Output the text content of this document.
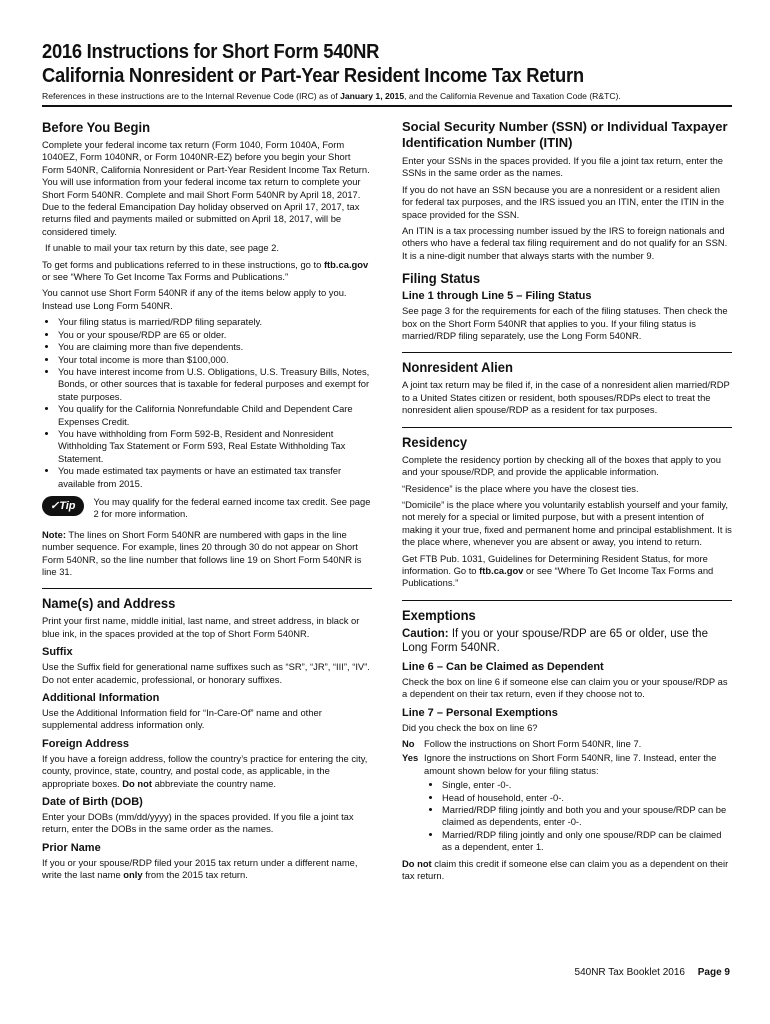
2016 Instructions for Short Form 540NR
California Nonresident or Part-Year Resident Income Tax Return
References in these instructions are to the Internal Revenue Code (IRC) as of January 1, 2015, and the California Revenue and Taxation Code (R&TC).
Before You Begin

Complete your federal income tax return (Form 1040, Form 1040A, Form 1040EZ, Form 1040NR, or Form 1040NR-EZ) before you begin your Short Form 540NR, California Nonresident or Part-Year Resident Income Tax Return. You will use information from your federal income tax return to complete your Short Form 540NR. Complete and mail Short Form 540NR by April 18, 2017. Due to the federal Emancipation Day holiday observed on April 17, 2017, tax returns filed and payments mailed or submitted on April 18, 2017, will be considered timely.

If unable to mail your tax return by this date, see page 2.

To get forms and publications referred to in these instructions, go to ftb.ca.gov or see “Where To Get Income Tax Forms and Publications.”

You cannot use Short Form 540NR if any of the items below apply to you. Instead use Long Form 540NR.

• Your filing status is married/RDP filing separately.
• You or your spouse/RDP are 65 or older.
• You are claiming more than five dependents.
• Your total income is more than $100,000.
• You have interest income from U.S. Obligations, U.S. Treasury Bills, Notes, Bonds, or other sources that is taxable for federal purposes and exempt for state purposes.
• You qualify for the California Nonrefundable Child and Dependent Care Expenses Credit.
• You have withholding from Form 592-B, Resident and Nonresident Withholding Tax Statement or Form 593, Real Estate Withholding Tax Statement.
• You made estimated tax payments or have an estimated tax transfer available from 2015.
✓Tip	You may qualify for the federal earned income tax credit. See page 2 for more information.

Note: The lines on Short Form 540NR are numbered with gaps in the line number sequence. For example, lines 20 through 30 do not appear on Short Form 540NR, so the line number that follows line 19 on Short Form 540NR is line 31.

Name(s) and Address

Print your first name, middle initial, last name, and street address, in black or blue ink, in the spaces provided at the top of Short Form 540NR.

Suffix

Use the Suffix field for generational name suffixes such as “SR”, “JR”, “III”, “IV”. Do not enter academic, professional, or honorary suffixes.

Additional Information

Use the Additional Information field for “In-Care-Of” name and other supplemental address information only.

Foreign Address

If you have a foreign address, follow the country’s practice for entering the city, county, province, state, country, and postal code, as applicable, in the appropriate boxes. Do not abbreviate the country name.

Date of Birth (DOB)

Enter your DOBs (mm/dd/yyyy) in the spaces provided. If you file a joint tax return, enter the DOBs in the same order as the names.

Prior Name

If you or your spouse/RDP filed your 2015 tax return under a different name, write the last name only from the 2015 tax return.

Social Security Number (SSN) or Individual Taxpayer Identification Number (ITIN)

Enter your SSNs in the spaces provided. If you file a joint tax return, enter the SSNs in the same order as the names.

If you do not have an SSN because you are a nonresident or a resident alien for federal tax purposes, and the IRS issued you an ITIN, enter the ITIN in the space provided for the SSN.

An ITIN is a tax processing number issued by the IRS to foreign nationals and others who have a federal tax filing requirement and do not qualify for an SSN. It is a nine-digit number that always starts with the number 9.

Filing Status
Line 1 through Line 5 – Filing Status

See page 3 for the requirements for each of the filing statuses. Then check the box on the Short Form 540NR that applies to you. If your filing status is married/RDP filing separately, use the Long Form 540NR.

Nonresident Alien

A joint tax return may be filed if, in the case of a nonresident alien married/RDP to a United States citizen or resident, both spouses/RDPs elect to treat the nonresident alien spouse/RDP as a resident for tax purposes.

Residency

Complete the residency portion by checking all of the boxes that apply to you and your spouse/RDP, and provide the applicable information.

“Residence” is the place where you have the closest ties.

“Domicile” is the place where you voluntarily establish yourself and your family, not merely for a special or limited purpose, but with a present intention of making it your true, fixed and permanent home and principal establishment. It is the place where, whenever you are absent or away, you intend to return.

Get FTB Pub. 1031, Guidelines for Determining Resident Status, for more information. Go to ftb.ca.gov or see “Where To Get Income Tax Forms and Publications.”

Exemptions

Caution: If you or your spouse/RDP are 65 or older, use the Long Form 540NR.

Line 6 – Can be Claimed as Dependent

Check the box on line 6 if someone else can claim you or your spouse/RDP as a dependent on their tax return, even if they choose not to.

Line 7 – Personal Exemptions

Did you check the box on line 6?

No	Follow the instructions on Short Form 540NR, line 7.
Yes Ignore the instructions on Short Form 540NR, line 7. Instead, enter the amount shown below for your filing status:
• Single, enter -0-.
• Head of household, enter -0-.
• Married/RDP filing jointly and both you and your spouse/RDP can be claimed as dependents, enter -0-.
• Married/RDP filing jointly and only one spouse/RDP can be claimed as a dependent, enter 1.

Do not claim this credit if someone else can claim you as a dependent on their tax return.

540NR Tax Booklet 2016 Page 9
